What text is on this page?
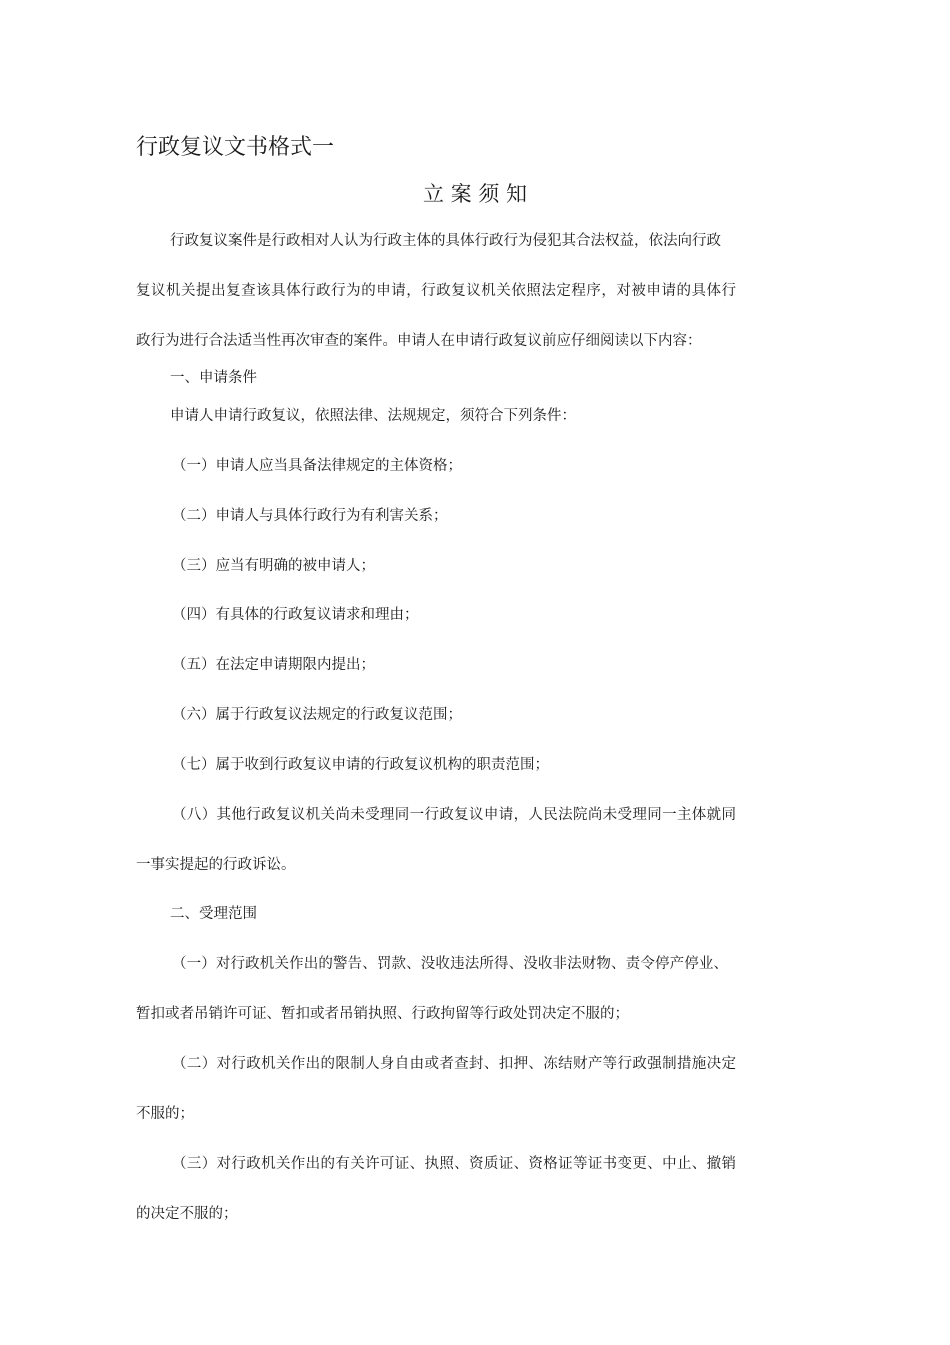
行政复议文书格式一
立 案 须 知
行政复议案件是行政相对人认为行政主体的具体行政行为侵犯其合法权益，依法向行政
复议机关提出复查该具体行政行为的申请，行政复议机关依照法定程序，对被申请的具体行
政行为进行合法适当性再次审查的案件。申请人在申请行政复议前应仔细阅读以下内容：
一、申请条件
申请人申请行政复议，依照法律、法规规定，须符合下列条件：
（一）申请人应当具备法律规定的主体资格；
（二）申请人与具体行政行为有利害关系；
（三）应当有明确的被申请人；
（四）有具体的行政复议请求和理由；
（五）在法定申请期限内提出；
（六）属于行政复议法规定的行政复议范围；
（七）属于收到行政复议申请的行政复议机构的职责范围；
（八）其他行政复议机关尚未受理同一行政复议申请，人民法院尚未受理同一主体就同
一事实提起的行政诉讼。
二、受理范围
（一）对行政机关作出的警告、罚款、没收违法所得、没收非法财物、责令停产停业、
暂扣或者吊销许可证、暂扣或者吊销执照、行政拘留等行政处罚决定不服的；
（二）对行政机关作出的限制人身自由或者查封、扣押、冻结财产等行政强制措施决定
不服的；
（三）对行政机关作出的有关许可证、执照、资质证、资格证等证书变更、中止、撤销
的决定不服的；
